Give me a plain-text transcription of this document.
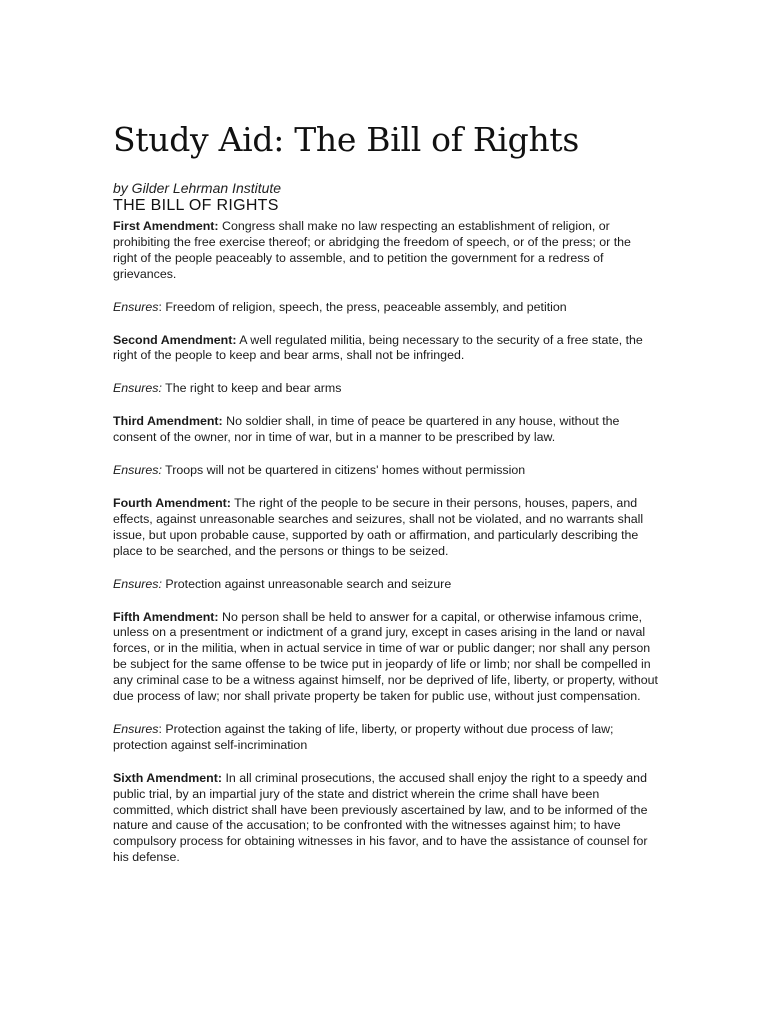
Study Aid: The Bill of Rights

by Gilder Lehrman Institute

THE BILL OF RIGHTS

First Amendment: Congress shall make no law respecting an establishment of religion, or prohibiting the free exercise thereof; or abridging the freedom of speech, or of the press; or the right of the people peaceably to assemble, and to petition the government for a redress of grievances.

Ensures: Freedom of religion, speech, the press, peaceable assembly, and petition

Second Amendment: A well regulated militia, being necessary to the security of a free state, the right of the people to keep and bear arms, shall not be infringed.

Ensures: The right to keep and bear arms

Third Amendment: No soldier shall, in time of peace be quartered in any house, without the consent of the owner, nor in time of war, but in a manner to be prescribed by law.

Ensures: Troops will not be quartered in citizens' homes without permission

Fourth Amendment: The right of the people to be secure in their persons, houses, papers, and effects, against unreasonable searches and seizures, shall not be violated, and no warrants shall issue, but upon probable cause, supported by oath or affirmation, and particularly describing the place to be searched, and the persons or things to be seized.

Ensures: Protection against unreasonable search and seizure

Fifth Amendment: No person shall be held to answer for a capital, or otherwise infamous crime, unless on a presentment or indictment of a grand jury, except in cases arising in the land or naval forces, or in the militia, when in actual service in time of war or public danger; nor shall any person be subject for the same offense to be twice put in jeopardy of life or limb; nor shall be compelled in any criminal case to be a witness against himself, nor be deprived of life, liberty, or property, without due process of law; nor shall private property be taken for public use, without just compensation.

Ensures: Protection against the taking of life, liberty, or property without due process of law; protection against self-incrimination

Sixth Amendment: In all criminal prosecutions, the accused shall enjoy the right to a speedy and public trial, by an impartial jury of the state and district wherein the crime shall have been committed, which district shall have been previously ascertained by law, and to be informed of the nature and cause of the accusation; to be confronted with the witnesses against him; to have compulsory process for obtaining witnesses in his favor, and to have the assistance of counsel for his defense.
